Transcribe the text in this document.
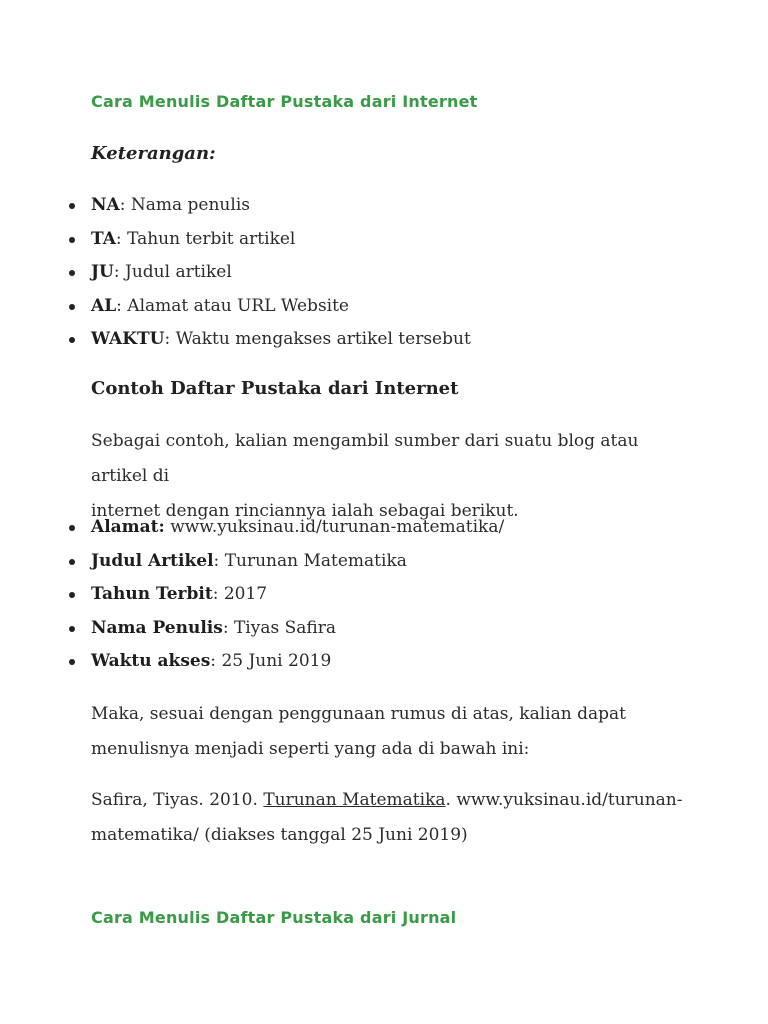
Cara Menulis Daftar Pustaka dari Internet

Keterangan:

NA: Nama penulis
TA: Tahun terbit artikel
JU: Judul artikel
AL: Alamat atau URL Website
WAKTU: Waktu mengakses artikel tersebut
Contoh Daftar Pustaka dari Internet

Sebagai contoh, kalian mengambil sumber dari suatu blog atau artikel di
internet dengan rinciannya ialah sebagai berikut.

Alamat: www.yuksinau.id/turunan-matematika/
Judul Artikel: Turunan Matematika
Tahun Terbit: 2017
Nama Penulis: Tiyas Safira
Waktu akses: 25 Juni 2019

Maka, sesuai dengan penggunaan rumus di atas, kalian dapat
menulisnya menjadi seperti yang ada di bawah ini:

Safira, Tiyas. 2010. Turunan Matematika. www.yuksinau.id/turunan-
matematika/ (diakses tanggal 25 Juni 2019)

Cara Menulis Daftar Pustaka dari Jurnal
